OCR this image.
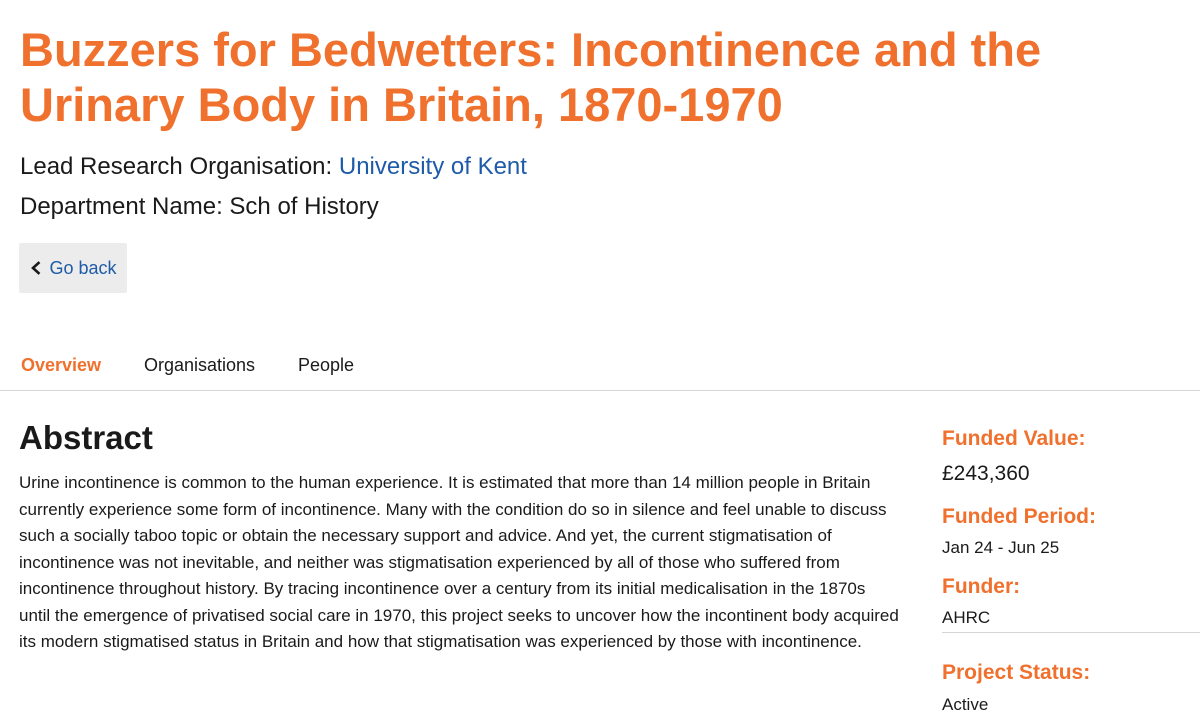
Buzzers for Bedwetters: Incontinence and the Urinary Body in Britain, 1870-1970
Lead Research Organisation: University of Kent
Department Name: Sch of History
Go back
Overview Organisations People
Abstract

Urine incontinence is common to the human experience. It is estimated that more than 14 million people in Britain currently experience some form of incontinence. Many with the condition do so in silence and feel unable to discuss such a socially taboo topic or obtain the necessary support and advice. And yet, the current stigmatisation of incontinence was not inevitable, and neither was stigmatisation experienced by all of those who suffered from incontinence throughout history. By tracing incontinence over a century from its initial medicalisation in the 1870s until the emergence of privatised social care in 1970, this project seeks to uncover how the incontinent body acquired its modern stigmatised status in Britain and how that stigmatisation was experienced by those with incontinence.

Funded Value:
£243,360
Funded Period:
Jan 24 - Jun 25
Funder:
AHRC
Project Status:
Active
